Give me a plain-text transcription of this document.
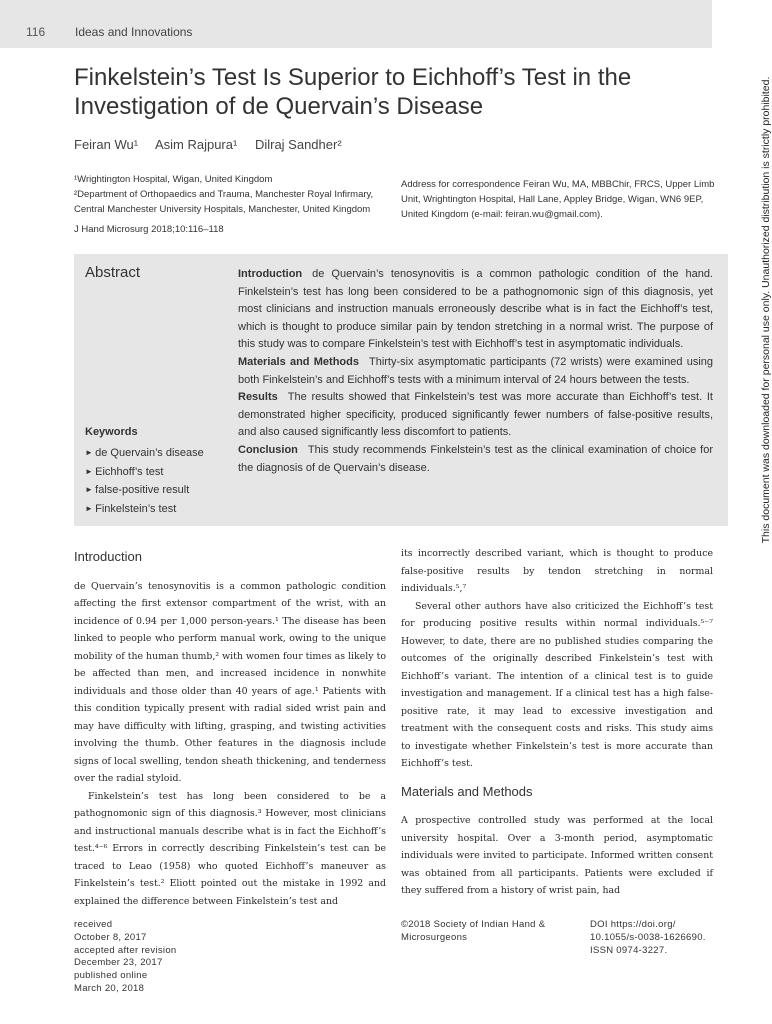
116 Ideas and Innovations
Finkelstein’s Test Is Superior to Eichhoff’s Test in the Investigation of de Quervain’s Disease
Feiran Wu¹ Asim Rajpura¹ Dilraj Sandher²

¹Wrightington Hospital, Wigan, United Kingdom

²Department of Orthopaedics and Trauma, Manchester Royal Infirmary, Central Manchester University Hospitals, Manchester, United Kingdom

Address for correspondence Feiran Wu, MA, MBBChir, FRCS, Upper Limb Unit, Wrightington Hospital, Hall Lane, Appley Bridge, Wigan, WN6 9EP, United Kingdom (e-mail: feiran.wu@gmail.com).

J Hand Microsurg 2018;10:116–118
Abstract
Keywords
► de Quervain’s disease
► Eichhoff’s test
► false-positive result
► Finkelstein’s test

Introduction de Quervain’s tenosynovitis is a common pathologic condition of the hand. Finkelstein’s test has long been considered to be a pathognomonic sign of this diagnosis, yet most clinicians and instruction manuals erroneously describe what is in fact the Eichhoff’s test, which is thought to produce similar pain by tendon stretching in a normal wrist. The purpose of this study was to compare Finkelstein’s test with Eichhoff’s test in asymptomatic individuals.

Materials and Methods Thirty-six asymptomatic participants (72 wrists) were examined using both Finkelstein’s and Eichhoff’s tests with a minimum interval of 24 hours between the tests.

Results The results showed that Finkelstein’s test was more accurate than Eichhoff’s test. It demonstrated higher specificity, produced significantly fewer numbers of false-positive results, and also caused significantly less discomfort to patients.

Conclusion This study recommends Finkelstein’s test as the clinical examination of choice for the diagnosis of de Quervain’s disease.

Introduction

de Quervain’s tenosynovitis is a common pathologic condition affecting the first extensor compartment of the wrist, with an incidence of 0.94 per 1,000 person-years.¹ The disease has been linked to people who perform manual work, owing to the unique mobility of the human thumb,² with women four times as likely to be affected than men, and increased incidence in nonwhite individuals and those older than 40 years of age.¹ Patients with this condition typically present with radial sided wrist pain and may have difficulty with lifting, grasping, and twisting activities involving the thumb. Other features in the diagnosis include signs of local swelling, tendon sheath thickening, and tenderness over the radial styloid.

Finkelstein’s test has long been considered to be a pathognomonic sign of this diagnosis.³ However, most clinicians and instructional manuals describe what is in fact the Eichhoff’s test.⁴⁻⁶ Errors in correctly describing Finkelstein’s test can be traced to Leao (1958) who quoted Eichhoff’s maneuver as Finkelstein’s test.² Eliott pointed out the mistake in 1992 and explained the difference between Finkelstein’s test and

its incorrectly described variant, which is thought to produce false-positive results by tendon stretching in normal individuals.⁵,⁷

Several other authors have also criticized the Eichhoff’s test for producing positive results within normal individuals.⁵⁻⁷ However, to date, there are no published studies comparing the outcomes of the originally described Finkelstein’s test with Eichhoff’s variant. The intention of a clinical test is to guide investigation and management. If a clinical test has a high false-positive rate, it may lead to excessive investigation and treatment with the consequent costs and risks. This study aims to investigate whether Finkelstein’s test is more accurate than Eichhoff’s test.

Materials and Methods

A prospective controlled study was performed at the local university hospital. Over a 3-month period, asymptomatic individuals were invited to participate. Informed written consent was obtained from all participants. Patients were excluded if they suffered from a history of wrist pain, had

received

October 8, 2017

accepted after revision

December 23, 2017

published online

March 20, 2018

©2018 Society of Indian Hand &

Microsurgeons

DOI https://doi.org/

10.1055/s-0038-1626690.

ISSN 0974-3227.

This document was downloaded for personal use only. Unauthorized distribution is strictly prohibited.
